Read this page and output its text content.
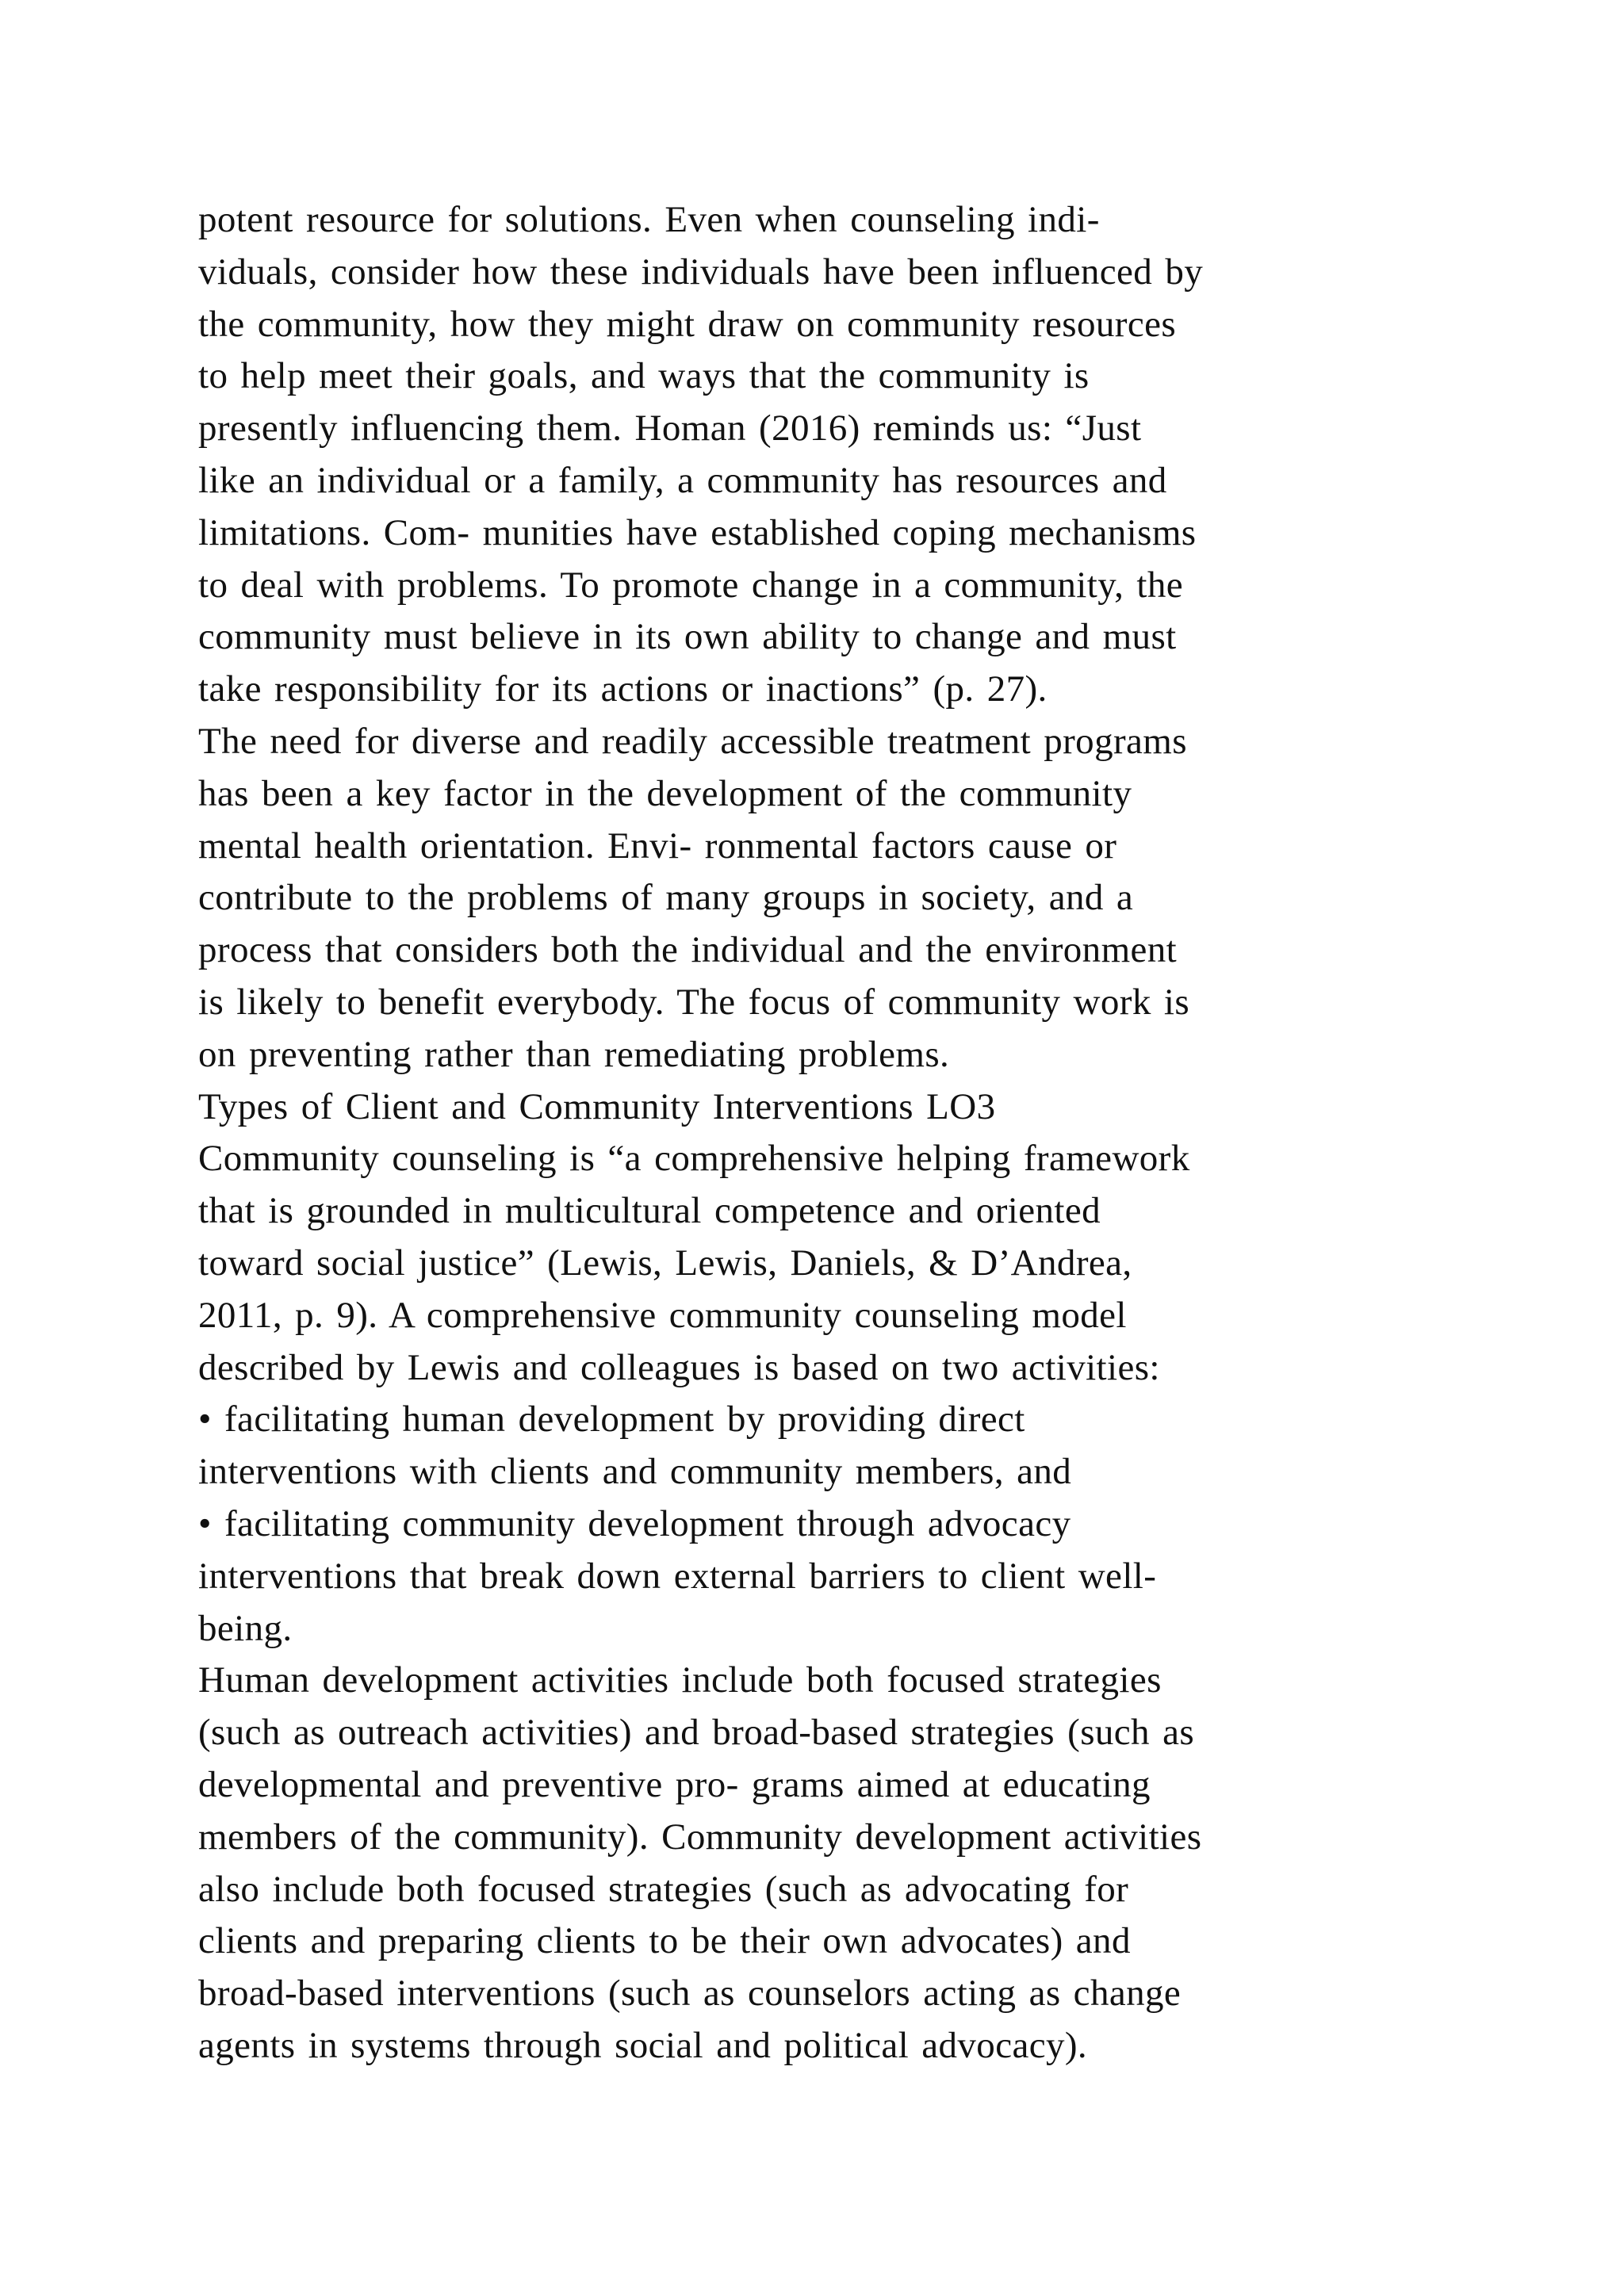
potent resource for solutions. Even when counseling indi-
viduals, consider how these individuals have been influenced by
the community, how they might draw on community resources
to help meet their goals, and ways that the community is
presently influencing them. Homan (2016) reminds us: “Just
like an individual or a family, a community has resources and
limitations. Com- munities have established coping mechanisms
to deal with problems. To promote change in a community, the
community must believe in its own ability to change and must
take responsibility for its actions or inactions” (p. 27).
The need for diverse and readily accessible treatment programs
has been a key factor in the development of the community
mental health orientation. Envi- ronmental factors cause or
contribute to the problems of many groups in society, and a
process that considers both the individual and the environment
is likely to benefit everybody. The focus of community work is
on preventing rather than remediating problems.
Types of Client and Community Interventions LO3
Community counseling is “a comprehensive helping framework
that is grounded in multicultural competence and oriented
toward social justice” (Lewis, Lewis, Daniels, & D’Andrea,
2011, p. 9). A comprehensive community counseling model
described by Lewis and colleagues is based on two activities:
• facilitating human development by providing direct
interventions with clients and community members, and
• facilitating community development through advocacy
interventions that break down external barriers to client well-
being.
Human development activities include both focused strategies
(such as outreach activities) and broad-based strategies (such as
developmental and preventive pro- grams aimed at educating
members of the community). Community development activities
also include both focused strategies (such as advocating for
clients and preparing clients to be their own advocates) and
broad-based interventions (such as counselors acting as change
agents in systems through social and political advocacy).
